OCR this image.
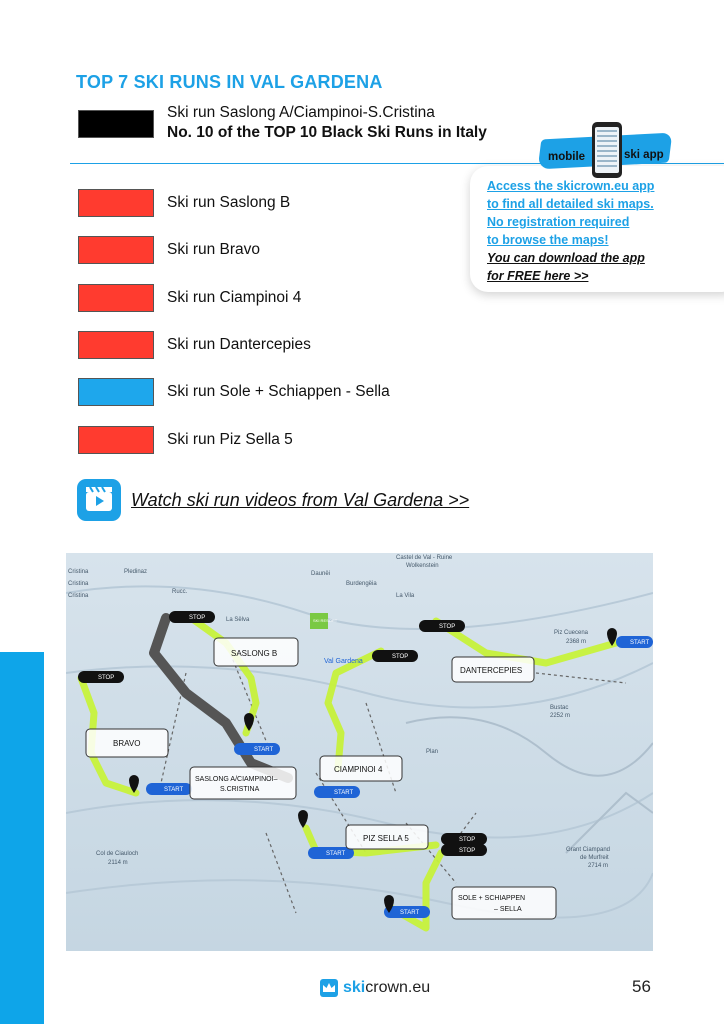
TOP 7 SKI RUNS IN VAL GARDENA
Ski run Saslong A/Ciampinoi-S.Cristina
No. 10 of the TOP 10 Black Ski Runs in Italy
Ski run Saslong B
Ski run Bravo
Ski run Ciampinoi 4
Ski run Dantercepies
Ski run Sole + Schiappen - Sella
Ski run Piz Sella 5
mobile	ski app
Access the skicrown.eu app
to find all detailed ski maps.
No registration required
to browse the maps!
You can download the app
for FREE here >>
Watch ski run videos from Val Gardena >>
STOP
STOP
STOP
STOP
STOP
STOP
START
START	START
START
START
START
SKI RESORT
SASLONG B
DANTERCEPIES
BRAVO
SASLONG A/CIAMPINOI–
S.CRISTINA
CIAMPINOI 4
PIZ SELLA 5
SOLE + SCHIAPPEN
– SELLA
Cristina
Cristina
Cristina
Pledinaz	Daunëi
Burdengëia
Castel de Val - Ruine
Wolkenstein
La Vila
Val Gardena
Piz Cuecena
2368 m
Bustac
2252 m
Col de Ciauloch
2114 m
Grant Ciampand
de Murfreit
2714 m
Plan
Rucc.
La Sëlva
skicrown.eu	56
